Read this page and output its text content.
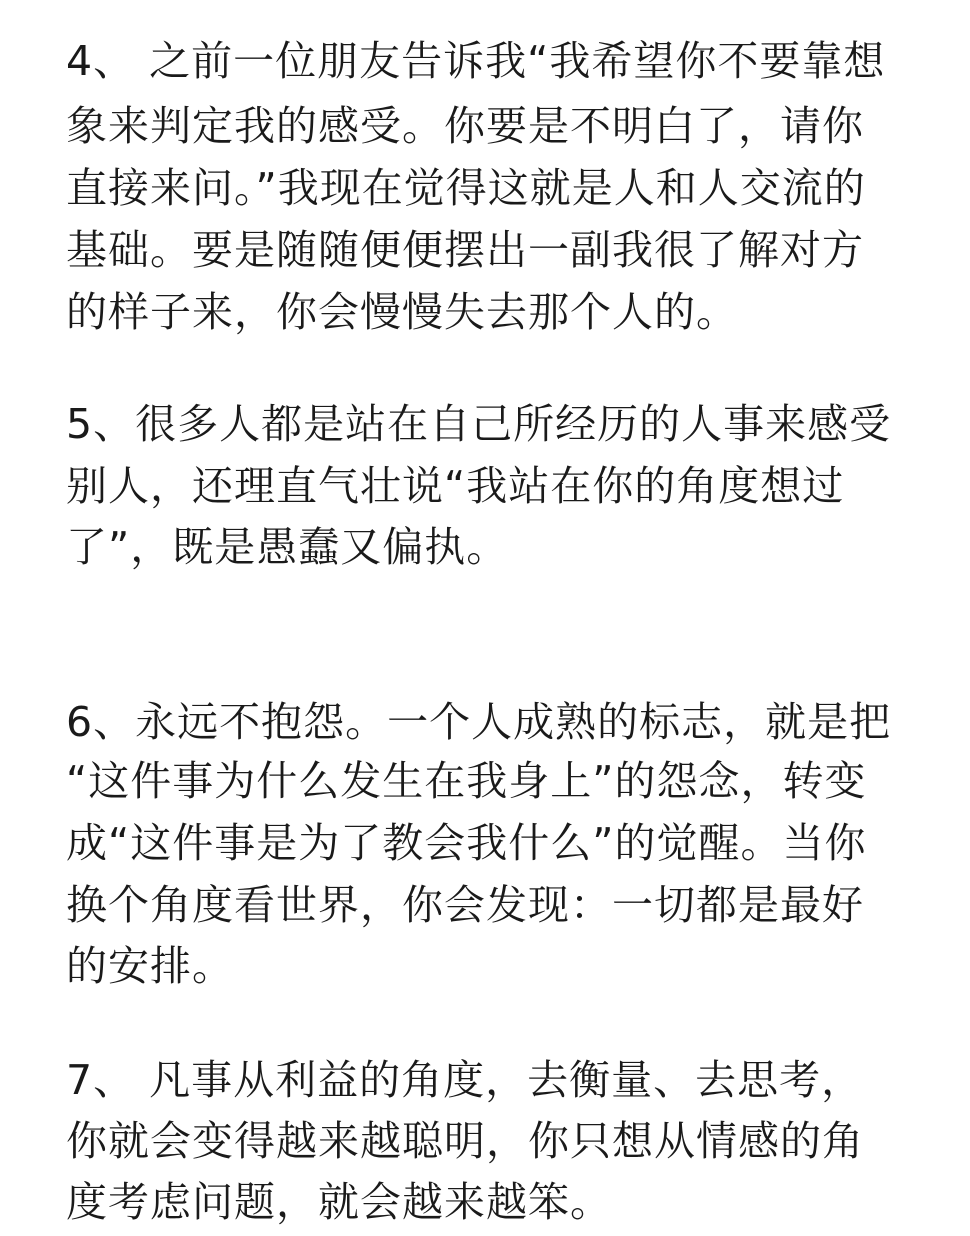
4、 之前一位朋友告诉我“我希望你不要靠想
象来判定我的感受。你要是不明白了，请你
直接来问。”我现在觉得这就是人和人交流的
基础。要是随随便便摆出一副我很了解对方
的样子来，你会慢慢失去那个人的。
5、很多人都是站在自己所经历的人事来感受
别人，还理直气壮说“我站在你的角度想过
了”，既是愚蠢又偏执。
6、永远不抱怨。一个人成熟的标志，就是把
“这件事为什么发生在我身上”的怨念，转变
成“这件事是为了教会我什么”的觉醒。当你
换个角度看世界，你会发现：一切都是最好
的安排。
7、 凡事从利益的角度，去衡量、去思考，
你就会变得越来越聪明，你只想从情感的角
度考虑问题，就会越来越笨。
